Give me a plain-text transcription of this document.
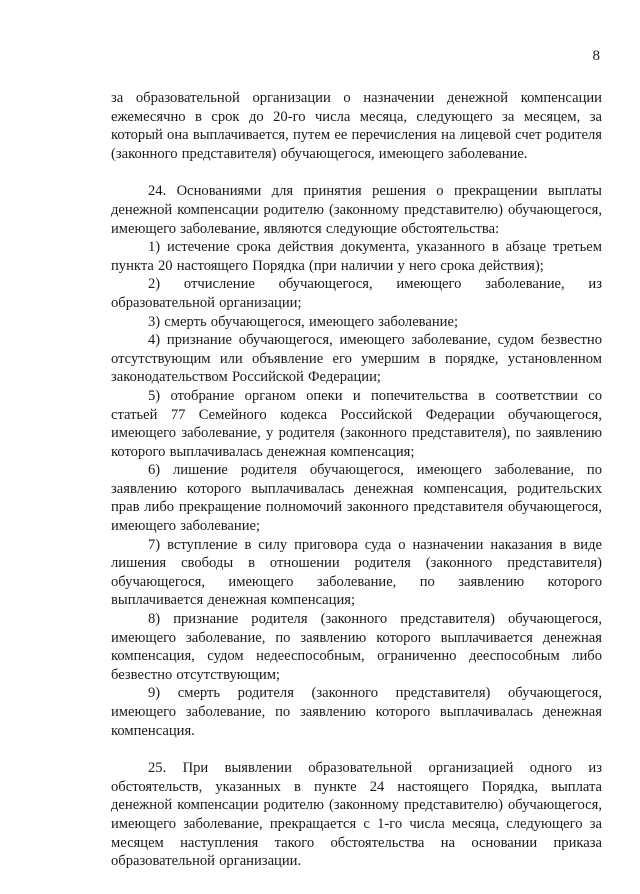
8

за образовательной организации о назначении денежной компенсации ежемесячно в срок до 20-го числа месяца, следующего за месяцем, за который она выплачивается, путем ее перечисления на лицевой счет родителя (законного представителя) обучающегося, имеющего заболевание.

24. Основаниями для принятия решения о прекращении выплаты денежной компенсации родителю (законному представителю) обучающегося, имеющего заболевание, являются следующие обстоятельства:

1) истечение срока действия документа, указанного в абзаце третьем пункта 20 настоящего Порядка (при наличии у него срока действия);

2) отчисление обучающегося, имеющего заболевание, из образовательной организации;

3) смерть обучающегося, имеющего заболевание;

4) признание обучающегося, имеющего заболевание, судом безвестно отсутствующим или объявление его умершим в порядке, установленном законодательством Российской Федерации;

5) отобрание органом опеки и попечительства в соответствии со статьей 77 Семейного кодекса Российской Федерации обучающегося, имеющего заболевание, у родителя (законного представителя), по заявлению которого выплачивалась денежная компенсация;

6) лишение родителя обучающегося, имеющего заболевание, по заявлению которого выплачивалась денежная компенсация, родительских прав либо прекращение полномочий законного представителя обучающегося, имеющего заболевание;

7) вступление в силу приговора суда о назначении наказания в виде лишения свободы в отношении родителя (законного представителя) обучающегося, имеющего заболевание, по заявлению которого выплачивается денежная компенсация;

8) признание родителя (законного представителя) обучающегося, имеющего заболевание, по заявлению которого выплачивается денежная компенсация, судом недееспособным, ограниченно дееспособным либо безвестно отсутствующим;

9) смерть родителя (законного представителя) обучающегося, имеющего заболевание, по заявлению которого выплачивалась денежная компенсация.

25. При выявлении образовательной организацией одного из обстоятельств, указанных в пункте 24 настоящего Порядка, выплата денежной компенсации родителю (законному представителю) обучающегося, имеющего заболевание, прекращается с 1-го числа месяца, следующего за месяцем наступления такого обстоятельства на основании приказа образовательной организации.
